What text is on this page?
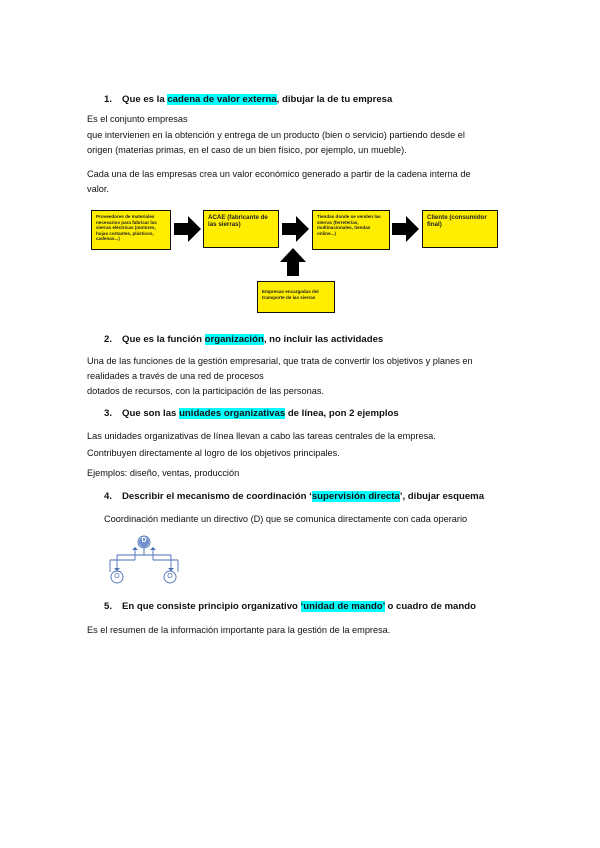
1. Que es la cadena de valor externa, dibujar la de tu empresa
Es el conjunto empresas
que intervienen en la obtención y entrega de un producto (bien o servicio) partiendo desde el
origen (materias primas, en el caso de un bien físico, por ejemplo, un mueble).
Cada una de las empresas crea un valor económico generado a partir de la cadena interna de
valor.
Proveedores de materiales necesarios para fabricar las sierras eléctricas (motores, hojas cortantes, plásticos, cadenas...)
ACAE (fabricante de las sierras)
Tiendas donde se venden las sierras (ferreterías, multinacionales, tiendas online...)
Cliente (consumidor final)
Empresas encargadas del transporte de las sierras
2. Que es la función organización, no incluir las actividades
Una de las funciones de la gestión empresarial, que trata de convertir los objetivos y planes en
realidades a través de una red de procesos
dotados de recursos, con la participación de las personas.
3. Que son las unidades organizativas de línea, pon 2 ejemplos
Las unidades organizativas de línea llevan a cabo las tareas centrales de la empresa.
Contribuyen directamente al logro de los objetivos principales.
Ejemplos: diseño, ventas, producción
4. Describir el mecanismo de coordinación ‘supervisión directa’, dibujar esquema
Coordinación mediante un directivo (D) que se comunica directamente con cada operario
D
O	O
5. En que consiste principio organizativo ‘unidad de mando’ o cuadro de mando
Es el resumen de la información importante para la gestión de la empresa.
